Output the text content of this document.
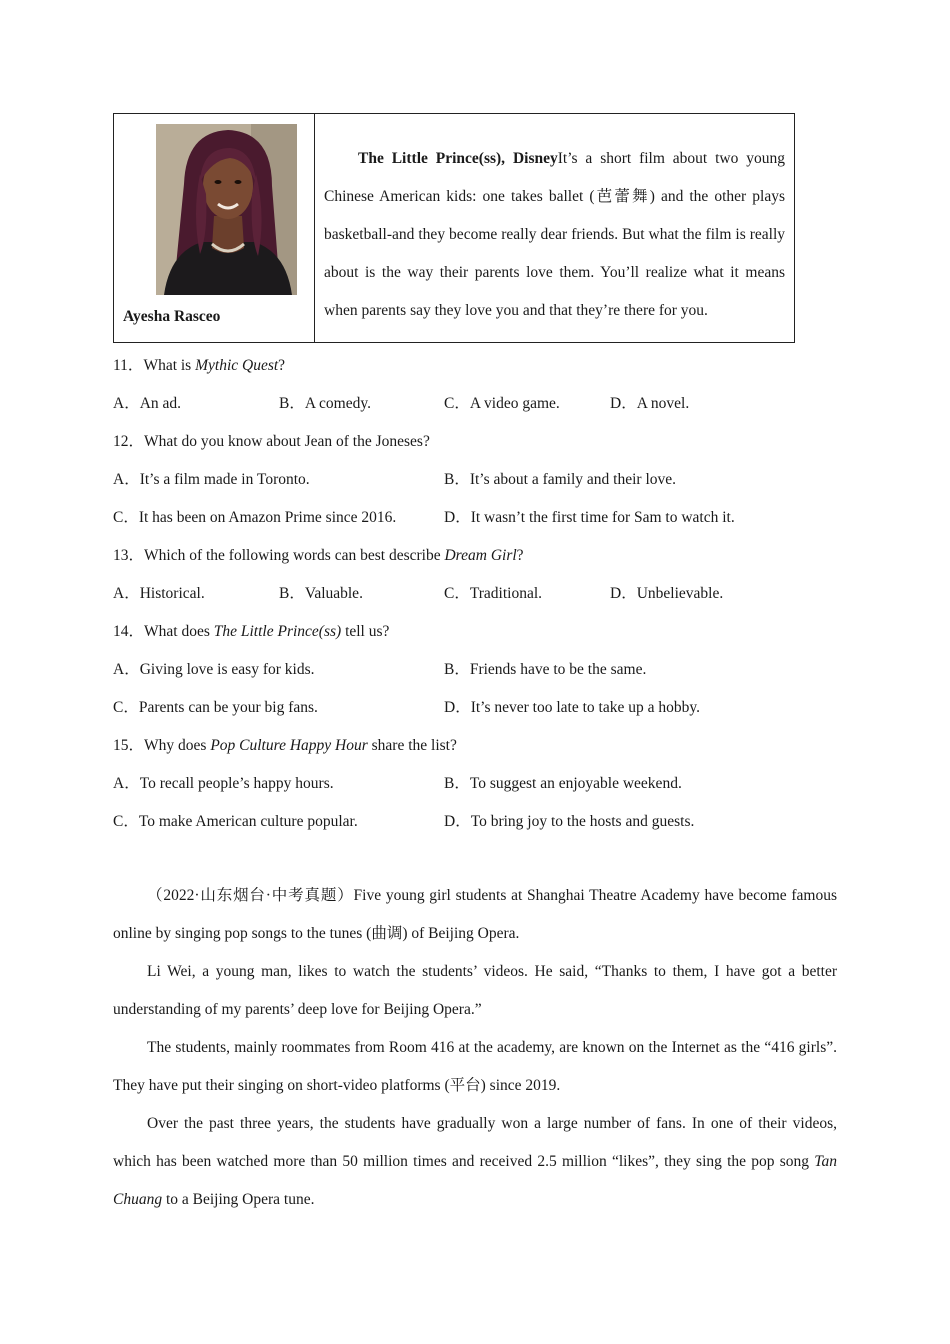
Ayesha Rasceo
The Little Prince(ss), DisneyIt’s a short film about two young Chinese American kids: one takes ballet (芭蕾舞) and the other plays basketball-and they become really dear friends. But what the film is really about is the way their parents love them. You’ll realize what it means when parents say they love you and that they’re there for you.
11．What is Mythic Quest?
A．An ad.	B．A comedy.	C．A video game.	D．A novel.
12．What do you know about Jean of the Joneses?
A．It’s a film made in Toronto.	B．It’s about a family and their love.
C．It has been on Amazon Prime since 2016.	D．It wasn’t the first time for Sam to watch it.
13．Which of the following words can best describe Dream Girl?
A．Historical.	B．Valuable.	C．Traditional.	D．Unbelievable.
14．What does The Little Prince(ss) tell us?
A．Giving love is easy for kids.	B．Friends have to be the same.
C．Parents can be your big fans.	D．It’s never too late to take up a hobby.
15．Why does Pop Culture Happy Hour share the list?
A．To recall people’s happy hours.	B．To suggest an enjoyable weekend.
C．To make American culture popular.	D．To bring joy to the hosts and guests.

（2022·山东烟台·中考真题）Five young girl students at Shanghai Theatre Academy have become famous online by singing pop songs to the tunes (曲调) of Beijing Opera.

Li Wei, a young man, likes to watch the students’ videos. He said, “Thanks to them, I have got a better understanding of my parents’ deep love for Beijing Opera.”

The students, mainly roommates from Room 416 at the academy, are known on the Internet as the “416 girls”. They have put their singing on short-video platforms (平台) since 2019.

Over the past three years, the students have gradually won a large number of fans. In one of their videos, which has been watched more than 50 million times and received 2.5 million “likes”, they sing the pop song Tan Chuang to a Beijing Opera tune.
